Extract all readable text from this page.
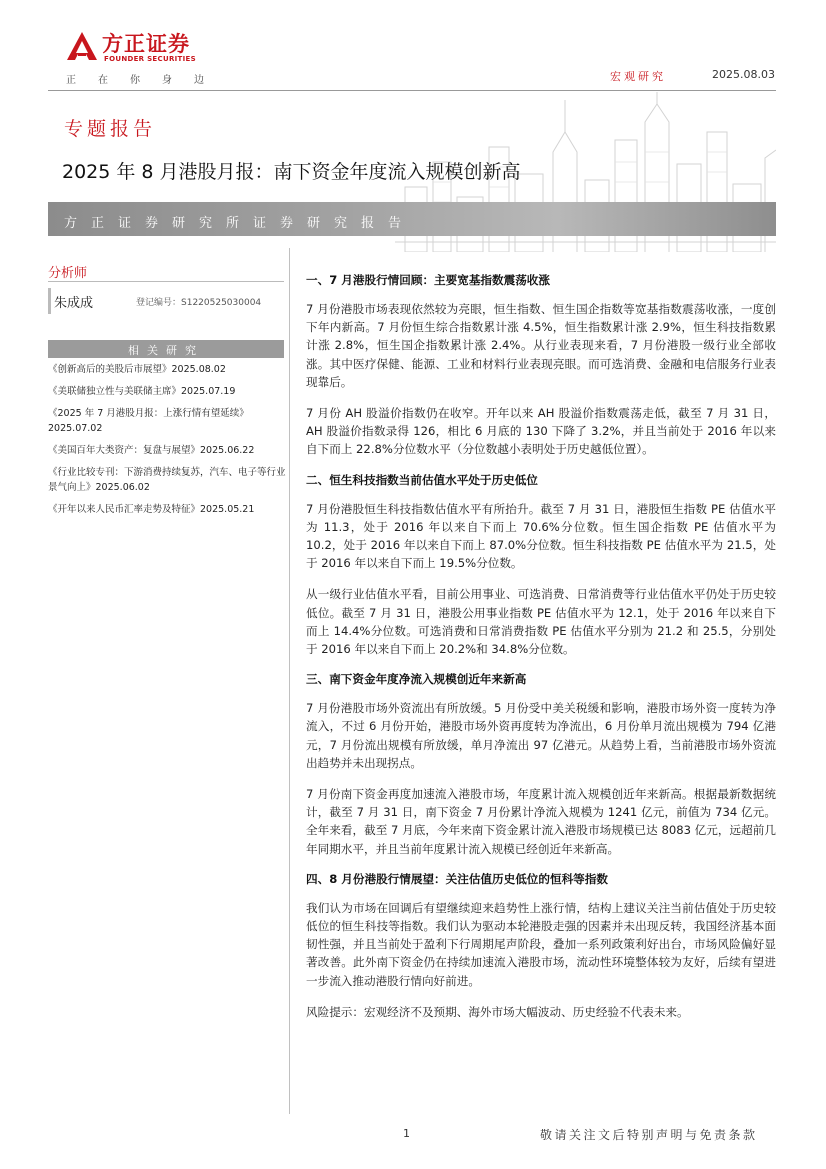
方正证券
FOUNDER SECURITIES
正在你身边	宏观研究	2025.08.03
专题报告
2025 年 8 月港股月报：南下资金年度流入规模创新高
方正证券研究所证券研究报告
分析师
朱成成	登记编号：S1220525030004
相关研究
《创新高后的美股后市展望》2025.08.02
《美联储独立性与美联储主席》2025.07.19
《2025 年 7 月港股月报：上涨行情有望延续》2025.07.02
《美国百年大类资产：复盘与展望》2025.06.22
《行业比较专刊：下游消费持续复苏，汽车、电子等行业景气向上》2025.06.02
《开年以来人民币汇率走势及特征》2025.05.21
一、7 月港股行情回顾：主要宽基指数震荡收涨

7 月份港股市场表现依然较为亮眼，恒生指数、恒生国企指数等宽基指数震荡收涨，一度创下年内新高。7 月份恒生综合指数累计涨 4.5%，恒生指数累计涨 2.9%，恒生科技指数累计涨 2.8%，恒生国企指数累计涨 2.4%。从行业表现来看，7 月份港股一级行业全部收涨。其中医疗保健、能源、工业和材料行业表现亮眼。而可选消费、金融和电信服务行业表现靠后。

7 月份 AH 股溢价指数仍在收窄。开年以来 AH 股溢价指数震荡走低，截至 7 月 31 日，AH 股溢价指数录得 126，相比 6 月底的 130 下降了 3.2%，并且当前处于 2016 年以来自下而上 22.8%分位数水平（分位数越小表明处于历史越低位置）。

二、恒生科技指数当前估值水平处于历史低位

7 月份港股恒生科技指数估值水平有所抬升。截至 7 月 31 日，港股恒生指数 PE 估值水平为 11.3，处于 2016 年以来自下而上 70.6%分位数。恒生国企指数 PE 估值水平为 10.2，处于 2016 年以来自下而上 87.0%分位数。恒生科技指数 PE 估值水平为 21.5，处于 2016 年以来自下而上 19.5%分位数。

从一级行业估值水平看，目前公用事业、可选消费、日常消费等行业估值水平仍处于历史较低位。截至 7 月 31 日，港股公用事业指数 PE 估值水平为 12.1，处于 2016 年以来自下而上 14.4%分位数。可选消费和日常消费指数 PE 估值水平分别为 21.2 和 25.5，分别处于 2016 年以来自下而上 20.2%和 34.8%分位数。

三、南下资金年度净流入规模创近年来新高

7 月份港股市场外资流出有所放缓。5 月份受中美关税缓和影响，港股市场外资一度转为净流入，不过 6 月份开始，港股市场外资再度转为净流出，6 月份单月流出规模为 794 亿港元，7 月份流出规模有所放缓，单月净流出 97 亿港元。从趋势上看，当前港股市场外资流出趋势并未出现拐点。

7 月份南下资金再度加速流入港股市场，年度累计流入规模创近年来新高。根据最新数据统计，截至 7 月 31 日，南下资金 7 月份累计净流入规模为 1241 亿元，前值为 734 亿元。全年来看，截至 7 月底，今年来南下资金累计流入港股市场规模已达 8083 亿元，远超前几年同期水平，并且当前年度累计流入规模已经创近年来新高。

四、8 月份港股行情展望：关注估值历史低位的恒科等指数

我们认为市场在回调后有望继续迎来趋势性上涨行情，结构上建议关注当前估值处于历史较低位的恒生科技等指数。我们认为驱动本轮港股走强的因素并未出现反转，我国经济基本面韧性强，并且当前处于盈利下行周期尾声阶段，叠加一系列政策利好出台，市场风险偏好显著改善。此外南下资金仍在持续加速流入港股市场，流动性环境整体较为友好，后续有望进一步流入推动港股行情向好前进。

风险提示：宏观经济不及预期、海外市场大幅波动、历史经验不代表未来。

1	敬请关注文后特别声明与免责条款
